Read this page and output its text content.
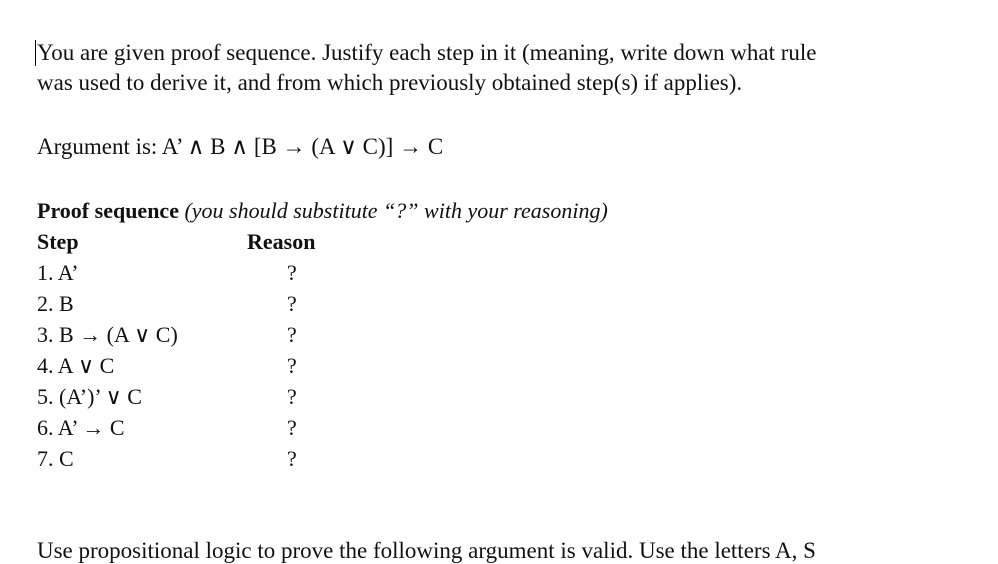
You are given proof sequence. Justify each step in it (meaning, write down what rule
was used to derive it, and from which previously obtained step(s) if applies).

Argument is: A’ ∧ B ∧ [B → (A ∨ C)] → C
Proof sequence (you should substitute “?” with your reasoning)
Step	Reason
1. A’	?
2. B	?
3. B → (A ∨ C)	?
4. A ∨ C	?
5. (A’)’ ∨ C	?
6. A’ → C	?
7. C	?
Use propositional logic to prove the following argument is valid. Use the letters A, S
